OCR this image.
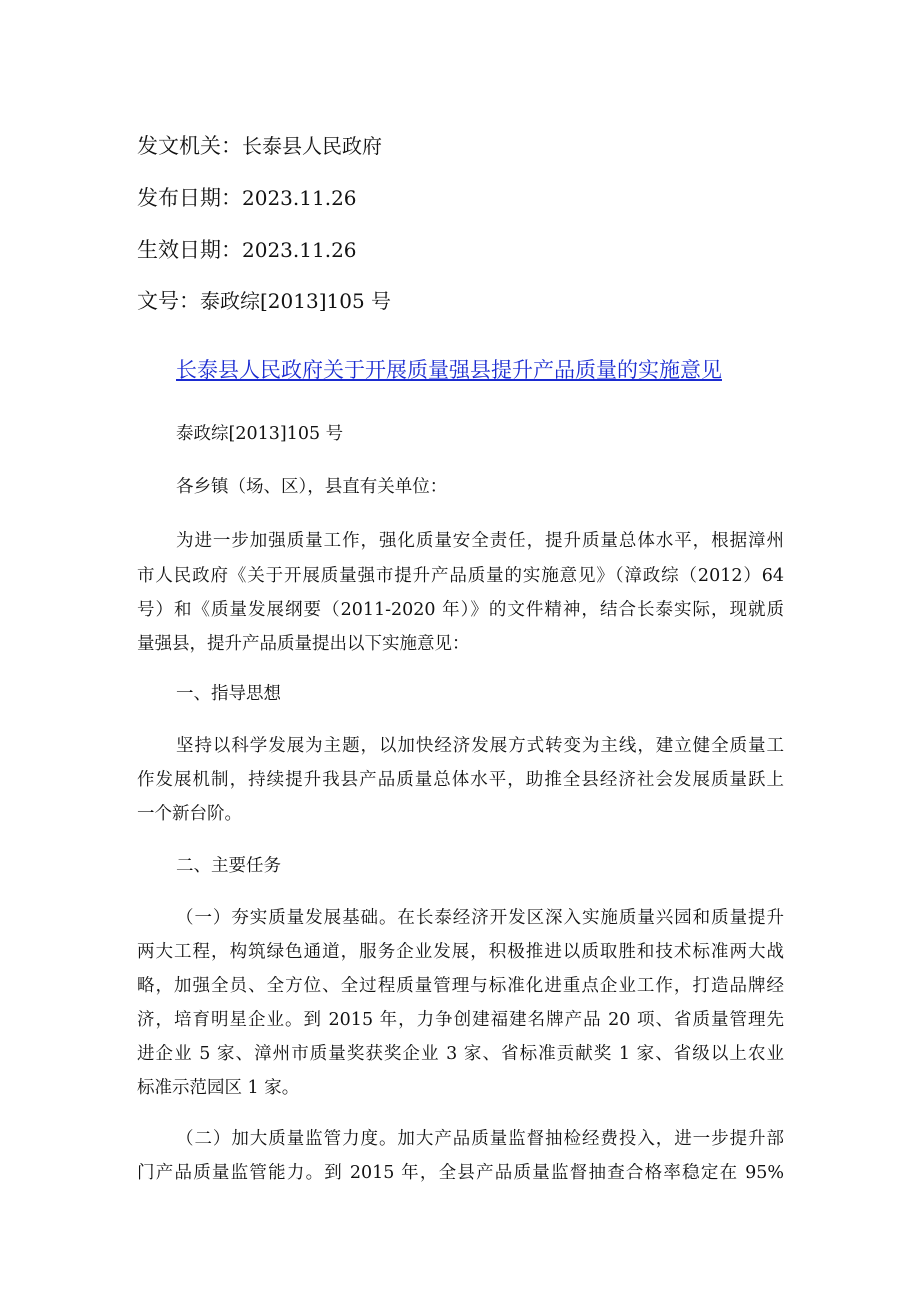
发文机关：长泰县人民政府
发布日期：2023.11.26
生效日期：2023.11.26
文号：泰政综[2013]105 号
长泰县人民政府关于开展质量强县提升产品质量的实施意见
泰政综[2013]105 号
各乡镇（场、区），县直有关单位：
为进一步加强质量工作，强化质量安全责任，提升质量总体水平，根据漳州
市人民政府《关于开展质量强市提升产品质量的实施意见》（漳政综（2012）64
号）和《质量发展纲要（2011-2020 年）》的文件精神，结合长泰实际，现就质
量强县，提升产品质量提出以下实施意见：
一、指导思想
坚持以科学发展为主题，以加快经济发展方式转变为主线，建立健全质量工
作发展机制，持续提升我县产品质量总体水平，助推全县经济社会发展质量跃上
一个新台阶。
二、主要任务
（一）夯实质量发展基础。在长泰经济开发区深入实施质量兴园和质量提升
两大工程，构筑绿色通道，服务企业发展，积极推进以质取胜和技术标准两大战
略，加强全员、全方位、全过程质量管理与标准化进重点企业工作，打造品牌经
济，培育明星企业。到 2015 年，力争创建福建名牌产品 20 项、省质量管理先
进企业 5 家、漳州市质量奖获奖企业 3 家、省标准贡献奖 1 家、省级以上农业
标准示范园区 1 家。
（二）加大质量监管力度。加大产品质量监督抽检经费投入，进一步提升部
门产品质量监管能力。到 2015 年，全县产品质量监督抽查合格率稳定在 95%
